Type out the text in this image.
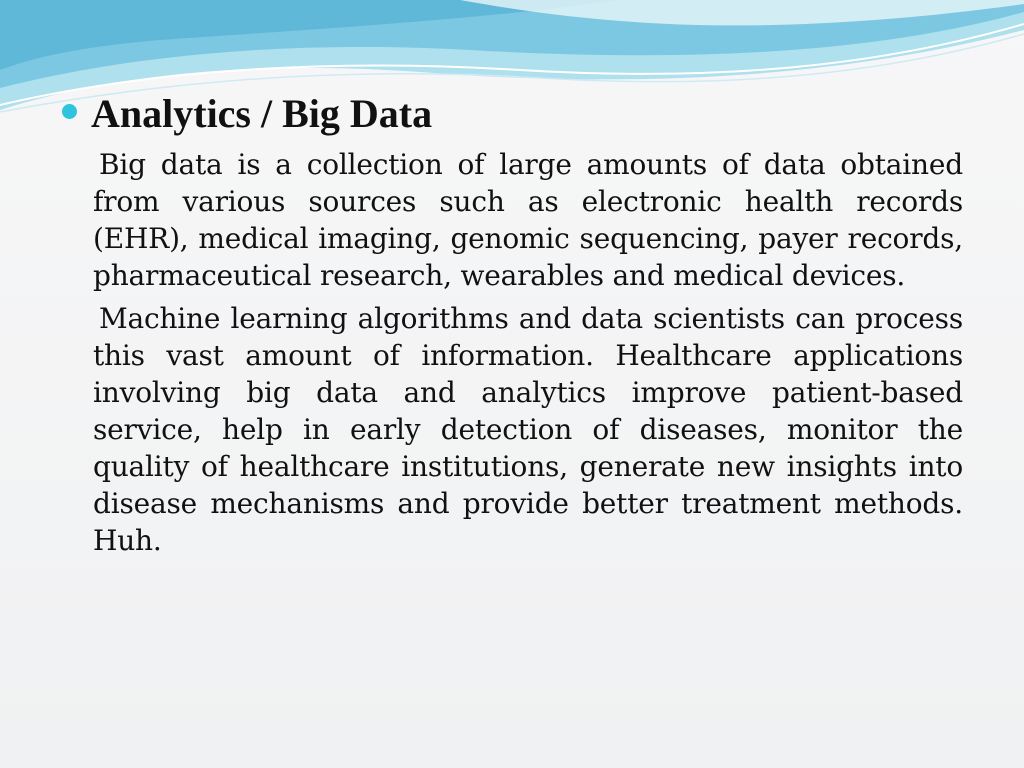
Analytics / Big Data

Big data is a collection of large amounts of data obtained from various sources such as electronic health records (EHR), medical imaging, genomic sequencing, payer records, pharmaceutical research, wearables and medical devices.

Machine learning algorithms and data scientists can process this vast amount of information. Healthcare applications involving big data and analytics improve patient-based service, help in early detection of diseases, monitor the quality of healthcare institutions, generate new insights into disease mechanisms and provide better treatment methods. Huh.
